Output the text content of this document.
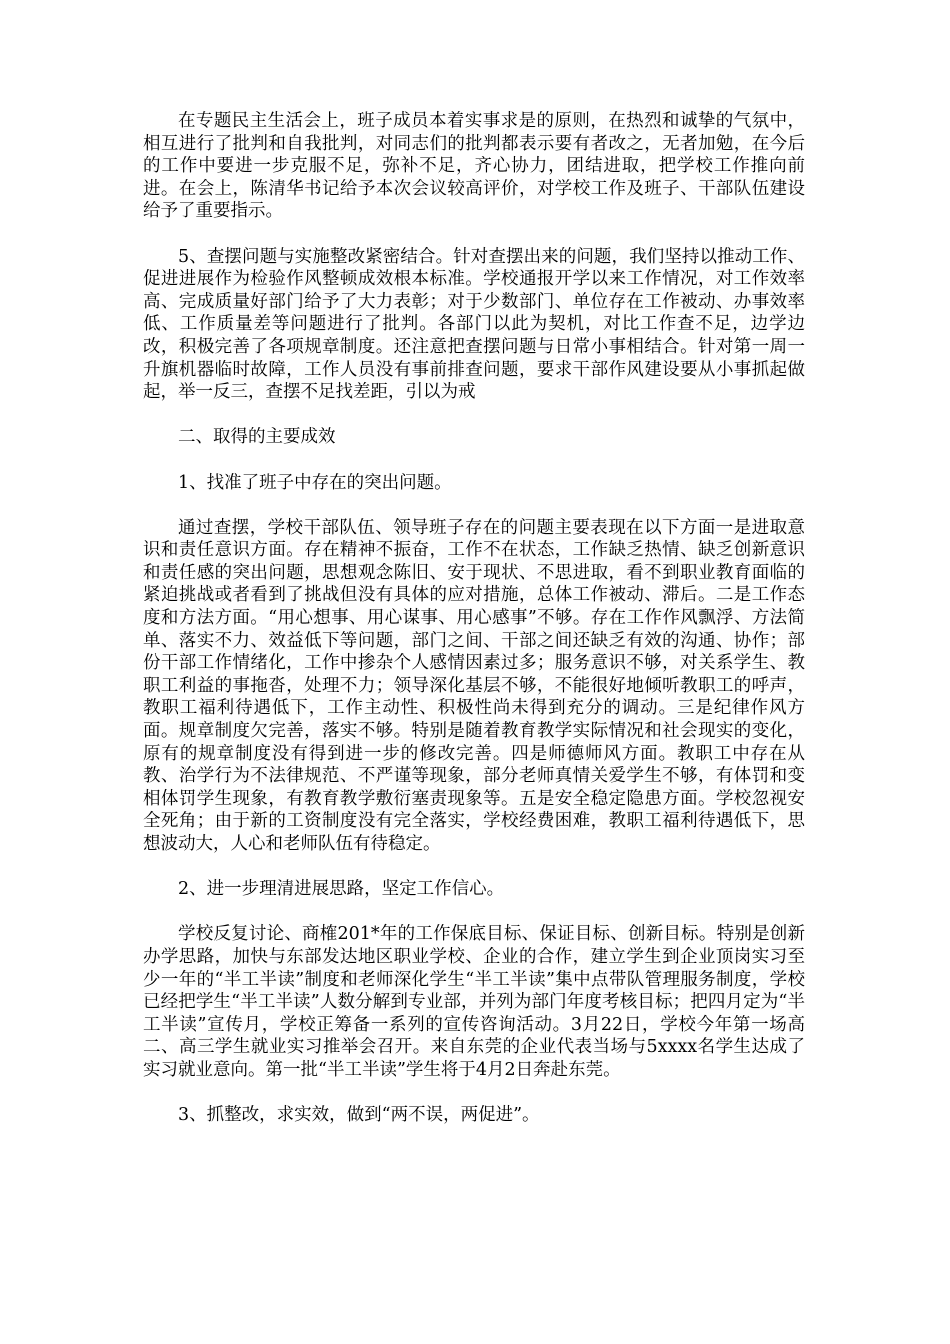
在专题民主生活会上，班子成员本着实事求是的原则，在热烈和诚挚的气氛中，相互进行了批判和自我批判，对同志们的批判都表示要有者改之，无者加勉，在今后的工作中要进一步克服不足，弥补不足，齐心协力，团结进取，把学校工作推向前进。在会上，陈清华书记给予本次会议较高评价，对学校工作及班子、干部队伍建设给予了重要指示。

5、查摆问题与实施整改紧密结合。针对查摆出来的问题，我们坚持以推动工作、促进进展作为检验作风整顿成效根本标准。学校通报开学以来工作情况，对工作效率高、完成质量好部门给予了大力表彰；对于少数部门、单位存在工作被动、办事效率低、工作质量差等问题进行了批判。各部门以此为契机，对比工作查不足，边学边改，积极完善了各项规章制度。还注意把查摆问题与日常小事相结合。针对第一周一升旗机器临时故障，工作人员没有事前排查问题，要求干部作风建设要从小事抓起做起，举一反三，查摆不足找差距，引以为戒

二、取得的主要成效

1、找准了班子中存在的突出问题。

通过查摆，学校干部队伍、领导班子存在的问题主要表现在以下方面一是进取意识和责任意识方面。存在精神不振奋，工作不在状态，工作缺乏热情、缺乏创新意识和责任感的突出问题，思想观念陈旧、安于现状、不思进取，看不到职业教育面临的紧迫挑战或者看到了挑战但没有具体的应对措施，总体工作被动、滞后。二是工作态度和方法方面。“用心想事、用心谋事、用心感事”不够。存在工作作风飘浮、方法简单、落实不力、效益低下等问题，部门之间、干部之间还缺乏有效的沟通、协作；部份干部工作情绪化，工作中掺杂个人感情因素过多；服务意识不够，对关系学生、教职工利益的事拖沓，处理不力；领导深化基层不够，不能很好地倾听教职工的呼声，教职工福利待遇低下，工作主动性、积极性尚未得到充分的调动。三是纪律作风方面。规章制度欠完善，落实不够。特别是随着教育教学实际情况和社会现实的变化，原有的规章制度没有得到进一步的修改完善。四是师德师风方面。教职工中存在从教、治学行为不法律规范、不严谨等现象，部分老师真情关爱学生不够，有体罚和变相体罚学生现象，有教育教学敷衍塞责现象等。五是安全稳定隐患方面。学校忽视安全死角；由于新的工资制度没有完全落实，学校经费困难，教职工福利待遇低下，思想波动大，人心和老师队伍有待稳定。

2、进一步理清进展思路，坚定工作信心。

学校反复讨论、商榷201*年的工作保底目标、保证目标、创新目标。特别是创新办学思路，加快与东部发达地区职业学校、企业的合作，建立学生到企业顶岗实习至少一年的“半工半读”制度和老师深化学生“半工半读”集中点带队管理服务制度，学校已经把学生“半工半读”人数分解到专业部，并列为部门年度考核目标；把四月定为“半工半读”宣传月，学校正筹备一系列的宣传咨询活动。3月22日，学校今年第一场高二、高三学生就业实习推举会召开。来自东莞的企业代表当场与5xxxx名学生达成了实习就业意向。第一批“半工半读”学生将于4月2日奔赴东莞。

3、抓整改，求实效，做到“两不误，两促进”。
